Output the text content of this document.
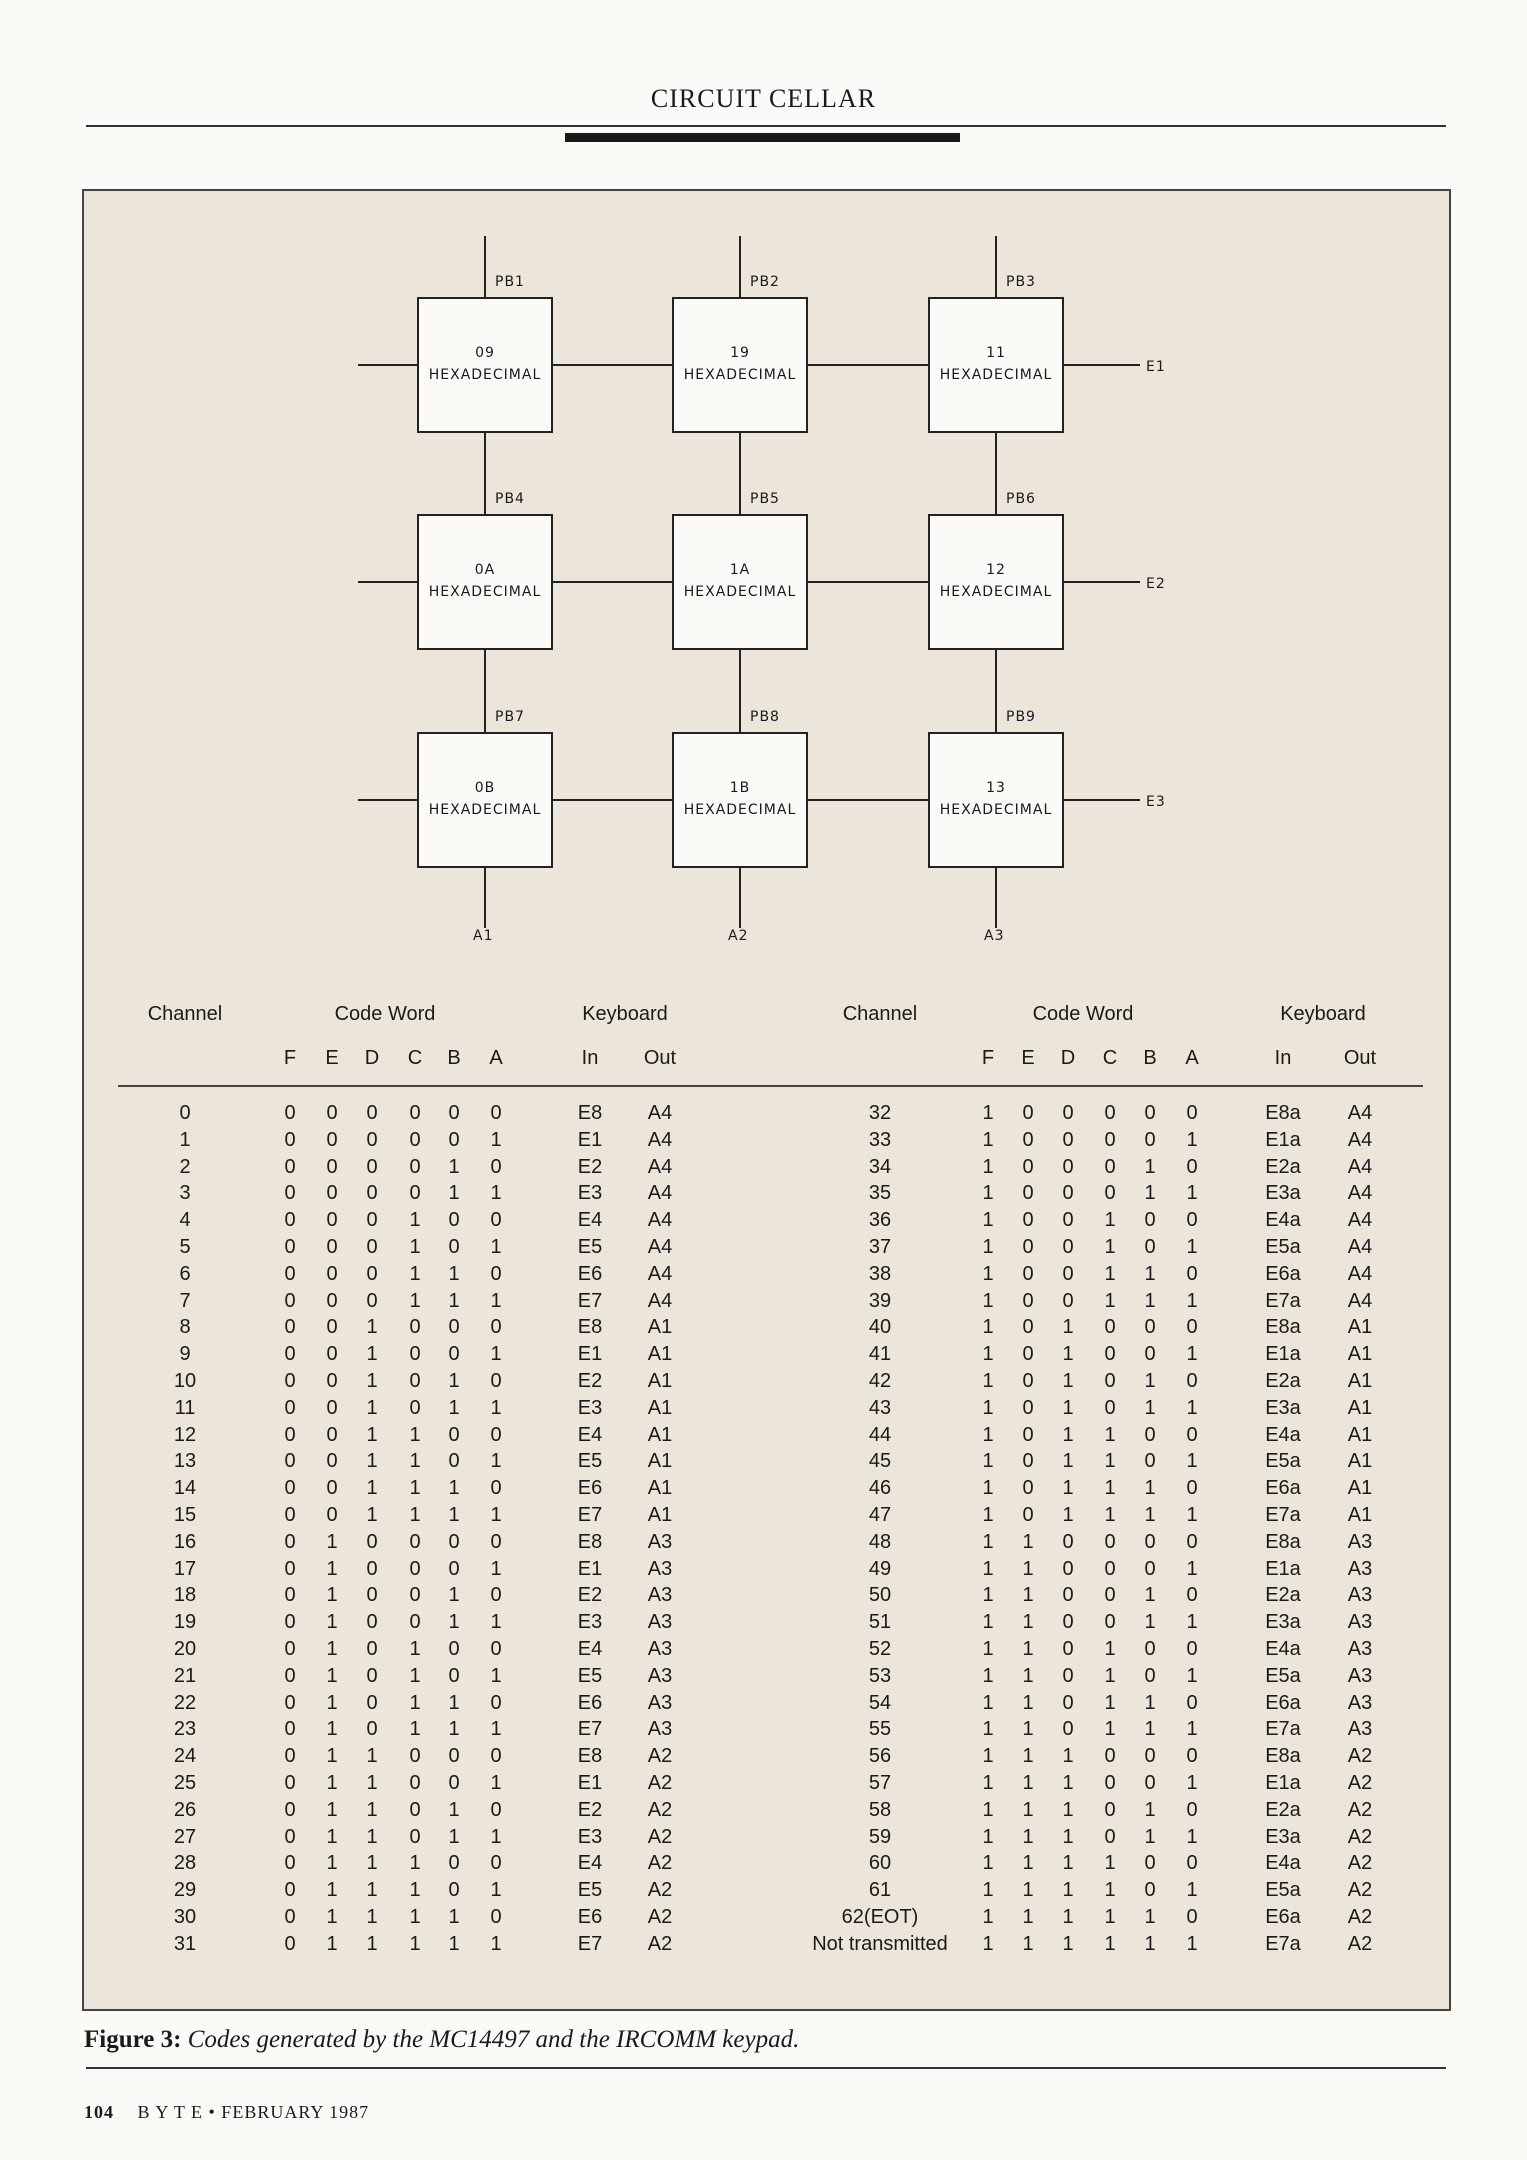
CIRCUIT CELLAR
09
HEXADECIMAL
19
HEXADECIMAL
11
HEXADECIMAL
0A
HEXADECIMAL
1A
HEXADECIMAL
12
HEXADECIMAL
0B
HEXADECIMAL
1B
HEXADECIMAL
13
HEXADECIMAL
PB1	PB2	PB3
PB4	PB5	PB6
PB7	PB8	PB9
E1
E2
E3
A1	A2	A3
Channel	Code Word	Keyboard
F	E	D	C	B	A	In	Out
0	0	0	0	0	0	0	E8	A4
1	0	0	0	0	0	1	E1	A4
2	0	0	0	0	1	0	E2	A4
3	0	0	0	0	1	1	E3	A4
4	0	0	0	1	0	0	E4	A4
5	0	0	0	1	0	1	E5	A4
6	0	0	0	1	1	0	E6	A4
7	0	0	0	1	1	1	E7	A4
8	0	0	1	0	0	0	E8	A1
9	0	0	1	0	0	1	E1	A1
10	0	0	1	0	1	0	E2	A1
11	0	0	1	0	1	1	E3	A1
12	0	0	1	1	0	0	E4	A1
13	0	0	1	1	0	1	E5	A1
14	0	0	1	1	1	0	E6	A1
15	0	0	1	1	1	1	E7	A1
16	0	1	0	0	0	0	E8	A3
17	0	1	0	0	0	1	E1	A3
18	0	1	0	0	1	0	E2	A3
19	0	1	0	0	1	1	E3	A3
20	0	1	0	1	0	0	E4	A3
21	0	1	0	1	0	1	E5	A3
22	0	1	0	1	1	0	E6	A3
23	0	1	0	1	1	1	E7	A3
24	0	1	1	0	0	0	E8	A2
25	0	1	1	0	0	1	E1	A2
26	0	1	1	0	1	0	E2	A2
27	0	1	1	0	1	1	E3	A2
28	0	1	1	1	0	0	E4	A2
29	0	1	1	1	0	1	E5	A2
30	0	1	1	1	1	0	E6	A2
31	0	1	1	1	1	1	E7	A2
Channel	Code Word	Keyboard
F	E	D	C	B	A	In	Out
32	1	0	0	0	0	0	E8a	A4
33	1	0	0	0	0	1	E1a	A4
34	1	0	0	0	1	0	E2a	A4
35	1	0	0	0	1	1	E3a	A4
36	1	0	0	1	0	0	E4a	A4
37	1	0	0	1	0	1	E5a	A4
38	1	0	0	1	1	0	E6a	A4
39	1	0	0	1	1	1	E7a	A4
40	1	0	1	0	0	0	E8a	A1
41	1	0	1	0	0	1	E1a	A1
42	1	0	1	0	1	0	E2a	A1
43	1	0	1	0	1	1	E3a	A1
44	1	0	1	1	0	0	E4a	A1
45	1	0	1	1	0	1	E5a	A1
46	1	0	1	1	1	0	E6a	A1
47	1	0	1	1	1	1	E7a	A1
48	1	1	0	0	0	0	E8a	A3
49	1	1	0	0	0	1	E1a	A3
50	1	1	0	0	1	0	E2a	A3
51	1	1	0	0	1	1	E3a	A3
52	1	1	0	1	0	0	E4a	A3
53	1	1	0	1	0	1	E5a	A3
54	1	1	0	1	1	0	E6a	A3
55	1	1	0	1	1	1	E7a	A3
56	1	1	1	0	0	0	E8a	A2
57	1	1	1	0	0	1	E1a	A2
58	1	1	1	0	1	0	E2a	A2
59	1	1	1	0	1	1	E3a	A2
60	1	1	1	1	0	0	E4a	A2
61	1	1	1	1	0	1	E5a	A2
62(EOT)	1	1	1	1	1	0	E6a	A2
Not transmitted	1	1	1	1	1	1	E7a	A2
Figure 3: Codes generated by the MC14497 and the IRCOMM keypad.
104 B Y T E • FEBRUARY 1987
